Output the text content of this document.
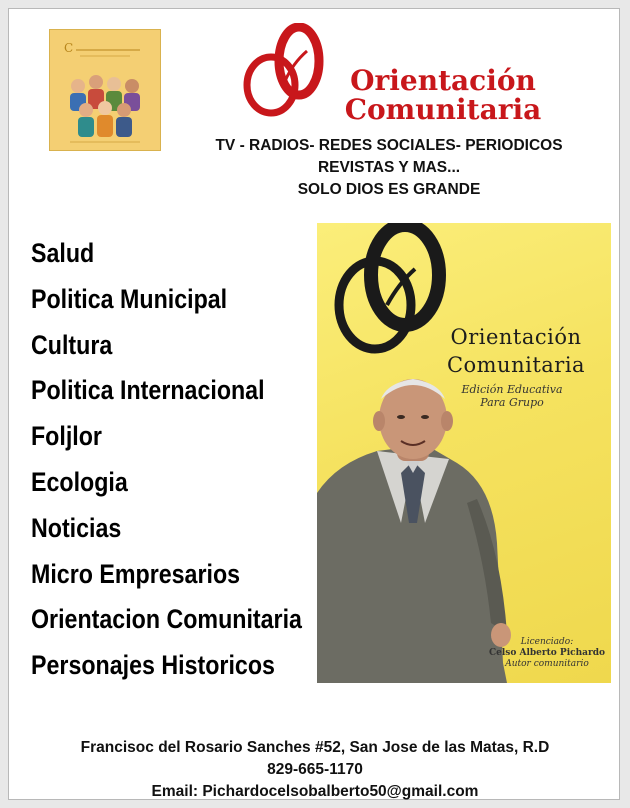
C
Orientación
Comunitaria
TV - RADIOS- REDES SOCIALES- PERIODICOS
REVISTAS Y MAS...
SOLO DIOS ES GRANDE
Salud
Politica Municipal
Cultura
Politica Internacional
Foljlor
Ecologia
Noticias
Micro Empresarios
Orientacion Comunitaria
Personajes Historicos
Orientación
Comunitaria
Edición Educativa
Para Grupo
Licenciado:
Celso Alberto Pichardo
Autor comunitario
Francisoc del Rosario Sanches #52, San Jose de las Matas, R.D
829-665-1170
Email: Pichardocelsobalberto50@gmail.com
